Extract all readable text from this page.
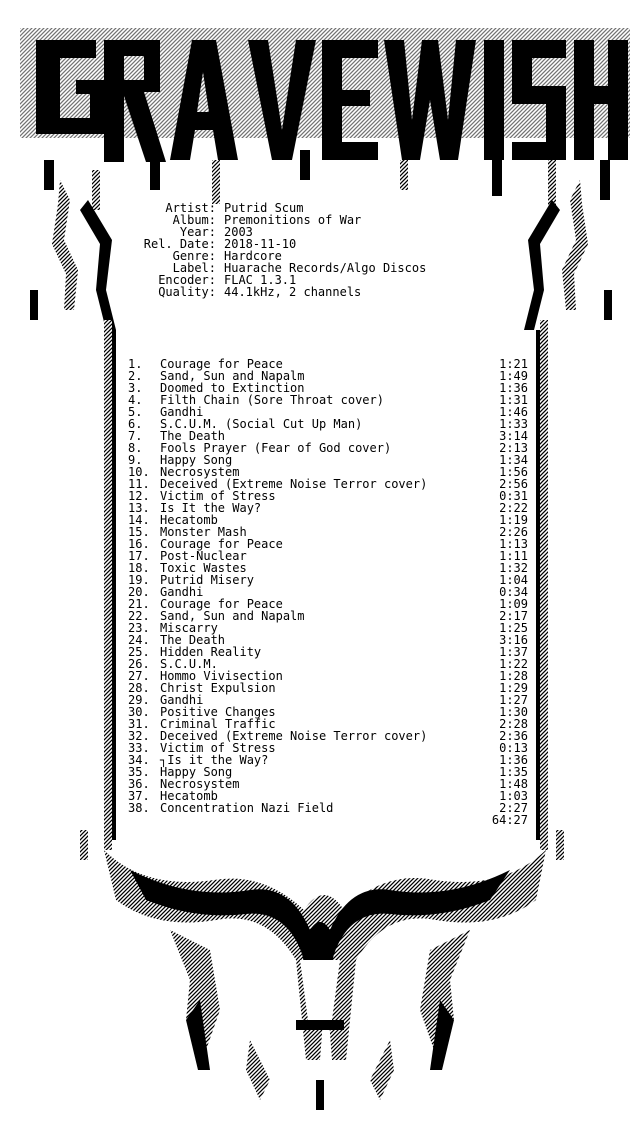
Artist: Putrid Scum
Album: Premonitions of War
Year: 2003
Rel. Date: 2018-11-10
Genre: Hardcore
Label: Huarache Records/Algo Discos
Encoder: FLAC 1.3.1
Quality: 44.1kHz, 2 channels
1. Courage for Peace	1:21
2. Sand, Sun and Napalm	1:49
3. Doomed to Extinction	1:36
4. Filth Chain (Sore Throat cover)	1:31
5. Gandhi	1:46
6. S.C.U.M. (Social Cut Up Man)	1:33
7. The Death	3:14
8. Fools Prayer (Fear of God cover)	2:13
9. Happy Song	1:34
10. Necrosystem	1:56
11. Deceived (Extreme Noise Terror cover)	2:56
12. Victim of Stress	0:31
13. Is It the Way?	2:22
14. Hecatomb	1:19
15. Monster Mash	2:26
16. Courage for Peace	1:13
17. Post-Nuclear	1:11
18. Toxic Wastes	1:32
19. Putrid Misery	1:04
20. Gandhi	0:34
21. Courage for Peace	1:09
22. Sand, Sun and Napalm	2:17
23. Miscarry	1:25
24. The Death	3:16
25. Hidden Reality	1:37
26. S.C.U.M.	1:22
27. Hommo Vivisection	1:28
28. Christ Expulsion	1:29
29. Gandhi	1:27
30. Positive Changes	1:30
31. Criminal Traffic	2:28
32. Deceived (Extreme Noise Terror cover)	2:36
33. Victim of Stress	0:13
34. ┐Is it the Way?	1:36
35. Happy Song	1:35
36. Necrosystem	1:48
37. Hecatomb	1:03
38. Concentration Nazi Field	2:27
64:27
